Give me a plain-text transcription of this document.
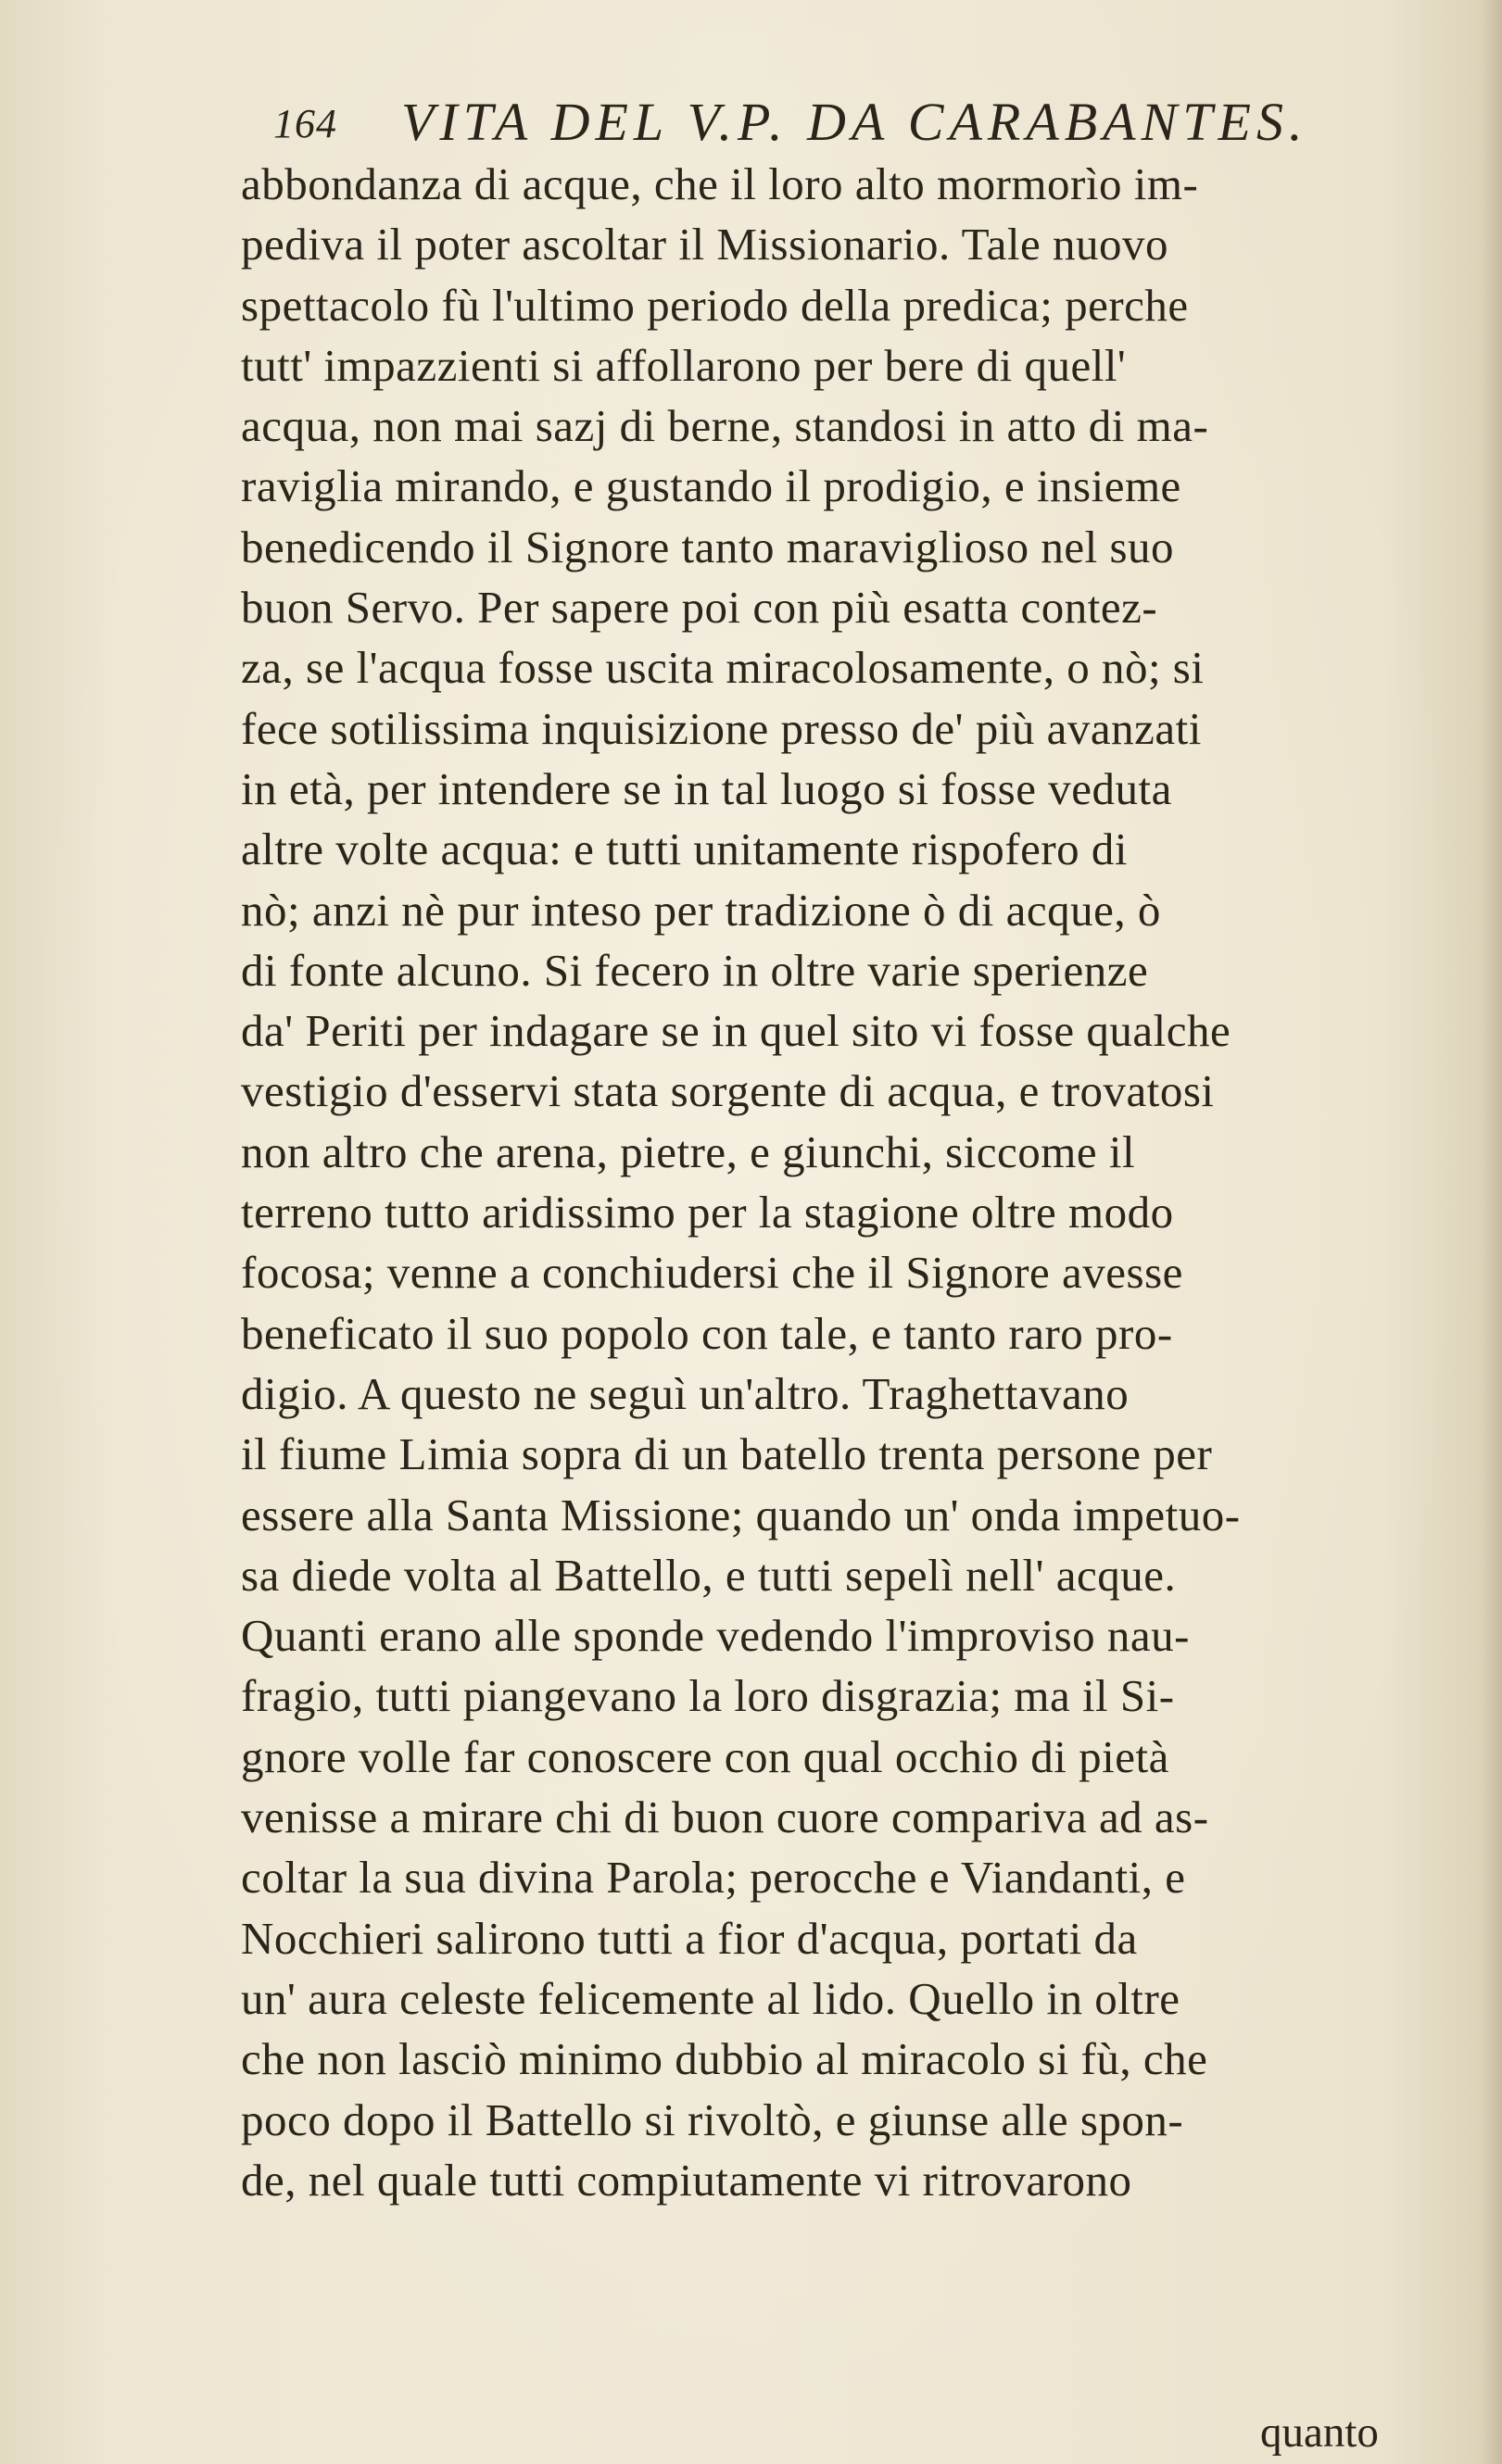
164 VITA DEL V.P. DA CARABANTES.
abbondanza di acque, che il loro alto mormorìo im-
pediva il poter ascoltar il Missionario. Tale nuovo
spettacolo fù l'ultimo periodo della predica; perche
tutt' impazzienti si affollarono per bere di quell'
acqua, non mai sazj di berne, standosi in atto di ma-
raviglia mirando, e gustando il prodigio, e insieme
benedicendo il Signore tanto maraviglioso nel suo
buon Servo. Per sapere poi con più esatta contez-
za, se l'acqua fosse uscita miracolosamente, o nò; si
fece sotilissima inquisizione presso de' più avanzati
in età, per intendere se in tal luogo si fosse veduta
altre volte acqua: e tutti unitamente rispofero di
nò; anzi nè pur inteso per tradizione ò di acque, ò
di fonte alcuno. Si fecero in oltre varie sperienze
da' Periti per indagare se in quel sito vi fosse qualche
vestigio d'esservi stata sorgente di acqua, e trovatosi
non altro che arena, pietre, e giunchi, siccome il
terreno tutto aridissimo per la stagione oltre modo
focosa; venne a conchiudersi che il Signore avesse
beneficato il suo popolo con tale, e tanto raro pro-
digio. A questo ne seguì un'altro. Traghettavano
il fiume Limia sopra di un batello trenta persone per
essere alla Santa Missione; quando un' onda impetuo-
sa diede volta al Battello, e tutti sepelì nell' acque.
Quanti erano alle sponde vedendo l'improviso nau-
fragio, tutti piangevano la loro disgrazia; ma il Si-
gnore volle far conoscere con qual occhio di pietà
venisse a mirare chi di buon cuore compariva ad as-
coltar la sua divina Parola; perocche e Viandanti, e
Nocchieri salirono tutti a fior d'acqua, portati da
un' aura celeste felicemente al lido. Quello in oltre
che non lasciò minimo dubbio al miracolo si fù, che
poco dopo il Battello si rivoltò, e giunse alle spon-
de, nel quale tutti compiutamente vi ritrovarono
quanto
